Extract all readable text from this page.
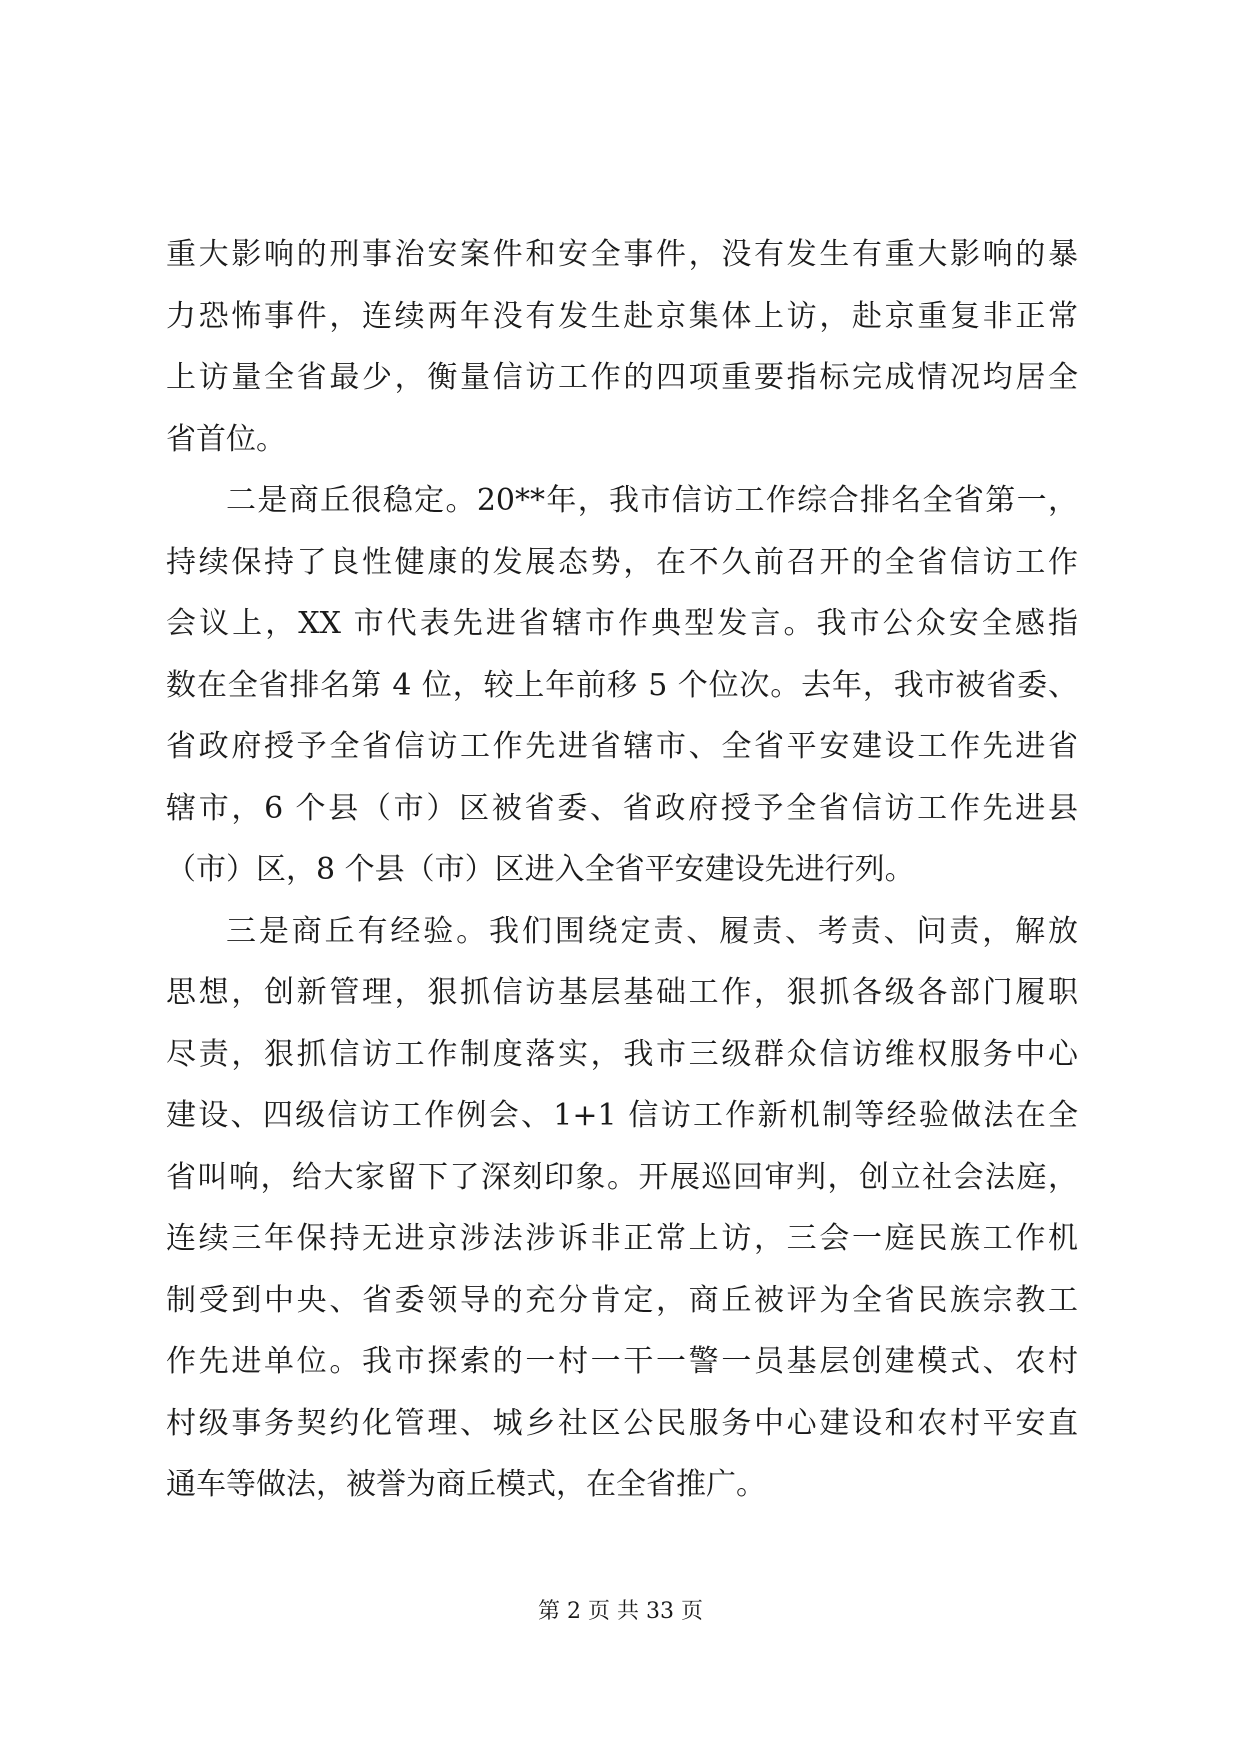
重大影响的刑事治安案件和安全事件，没有发生有重大影响的暴
力恐怖事件，连续两年没有发生赴京集体上访，赴京重复非正常
上访量全省最少，衡量信访工作的四项重要指标完成情况均居全
省首位。
二是商丘很稳定。20**年，我市信访工作综合排名全省第一，
持续保持了良性健康的发展态势，在不久前召开的全省信访工作
会议上，XX 市代表先进省辖市作典型发言。我市公众安全感指
数在全省排名第 4 位，较上年前移 5 个位次。去年，我市被省委、
省政府授予全省信访工作先进省辖市、全省平安建设工作先进省
辖市，6 个县（市）区被省委、省政府授予全省信访工作先进县
（市）区，8 个县（市）区进入全省平安建设先进行列。
三是商丘有经验。我们围绕定责、履责、考责、问责，解放
思想，创新管理，狠抓信访基层基础工作，狠抓各级各部门履职
尽责，狠抓信访工作制度落实，我市三级群众信访维权服务中心
建设、四级信访工作例会、1+1 信访工作新机制等经验做法在全
省叫响，给大家留下了深刻印象。开展巡回审判，创立社会法庭，
连续三年保持无进京涉法涉诉非正常上访，三会一庭民族工作机
制受到中央、省委领导的充分肯定，商丘被评为全省民族宗教工
作先进单位。我市探索的一村一干一警一员基层创建模式、农村
村级事务契约化管理、城乡社区公民服务中心建设和农村平安直
通车等做法，被誉为商丘模式，在全省推广。
第 2 页 共 33 页
